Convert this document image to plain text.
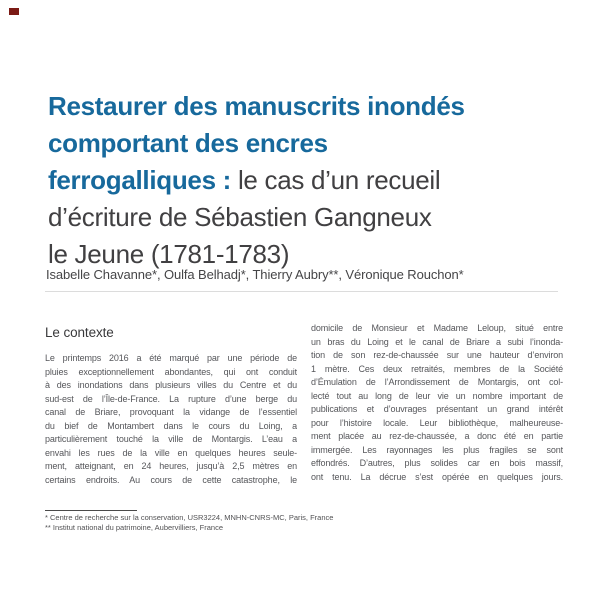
Restaurer des manuscrits inondés
comportant des encres
ferrogalliques : le cas d’un recueil
d’écriture de Sébastien Gangneux
le Jeune (1781-1783)
Isabelle Chavanne*, Oulfa Belhadj*, Thierry Aubry**, Véronique Rouchon*
Le contexte
Le printemps 2016 a été marqué par une période de
pluies exceptionnellement abondantes, qui ont conduit
à des inondations dans plusieurs villes du Centre et du
sud-est de l’Île-de-France. La rupture d’une berge du
canal de Briare, provoquant la vidange de l’essentiel
du bief de Montambert dans le cours du Loing, a
particulièrement touché la ville de Montargis. L’eau a
envahi les rues de la ville en quelques heures seule-
ment, atteignant, en 24 heures, jusqu’à 2,5 mètres en
certains endroits. Au cours de cette catastrophe, le
domicile de Monsieur et Madame Leloup, situé entre
un bras du Loing et le canal de Briare a subi l’inonda-
tion de son rez-de-chaussée sur une hauteur d’environ
1 mètre. Ces deux retraités, membres de la Société
d’Émulation de l’Arrondissement de Montargis, ont col-
lecté tout au long de leur vie un nombre important de
publications et d’ouvrages présentant un grand intérêt
pour l’histoire locale. Leur bibliothèque, malheureuse-
ment placée au rez-de-chaussée, a donc été en partie
immergée. Les rayonnages les plus fragiles se sont
effondrés. D’autres, plus solides car en bois massif,
ont tenu. La décrue s’est opérée en quelques jours.
* Centre de recherche sur la conservation, USR3224, MNHN-CNRS-MC, Paris, France
** Institut national du patrimoine, Aubervilliers, France
